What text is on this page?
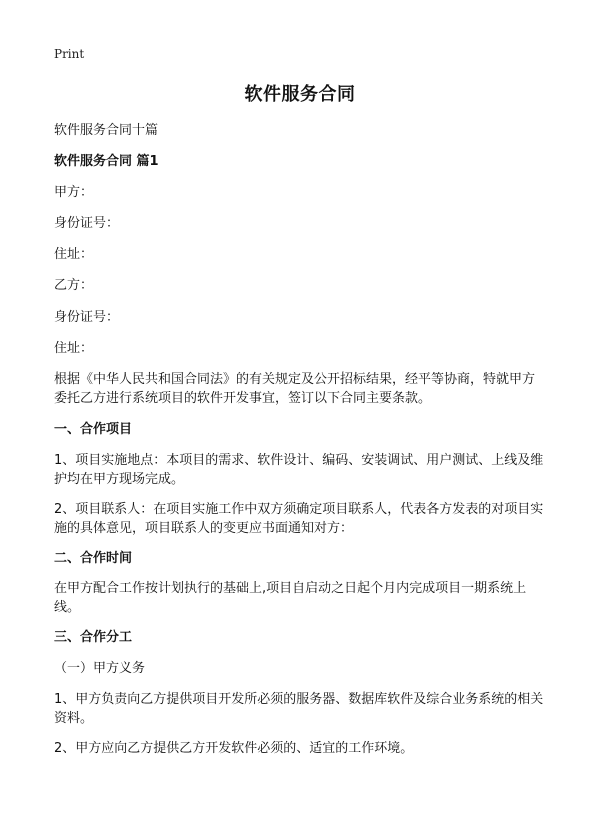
Print
软件服务合同
软件服务合同十篇
软件服务合同 篇1
甲方：
身份证号：
住址：
乙方：
身份证号：
住址：
根据《中华人民共和国合同法》的有关规定及公开招标结果，经平等协商，特就甲方委托乙方进行系统项目的软件开发事宜，签订以下合同主要条款。
一、合作项目
1、项目实施地点：本项目的需求、软件设计、编码、安装调试、用户测试、上线及维护均在甲方现场完成。
2、项目联系人：在项目实施工作中双方须确定项目联系人，代表各方发表的对项目实施的具体意见，项目联系人的变更应书面通知对方：
二、合作时间
在甲方配合工作按计划执行的基础上,项目自启动之日起个月内完成项目一期系统上线。
三、合作分工
（一）甲方义务
1、甲方负责向乙方提供项目开发所必须的服务器、数据库软件及综合业务系统的相关资料。
2、甲方应向乙方提供乙方开发软件必须的、适宜的工作环境。
